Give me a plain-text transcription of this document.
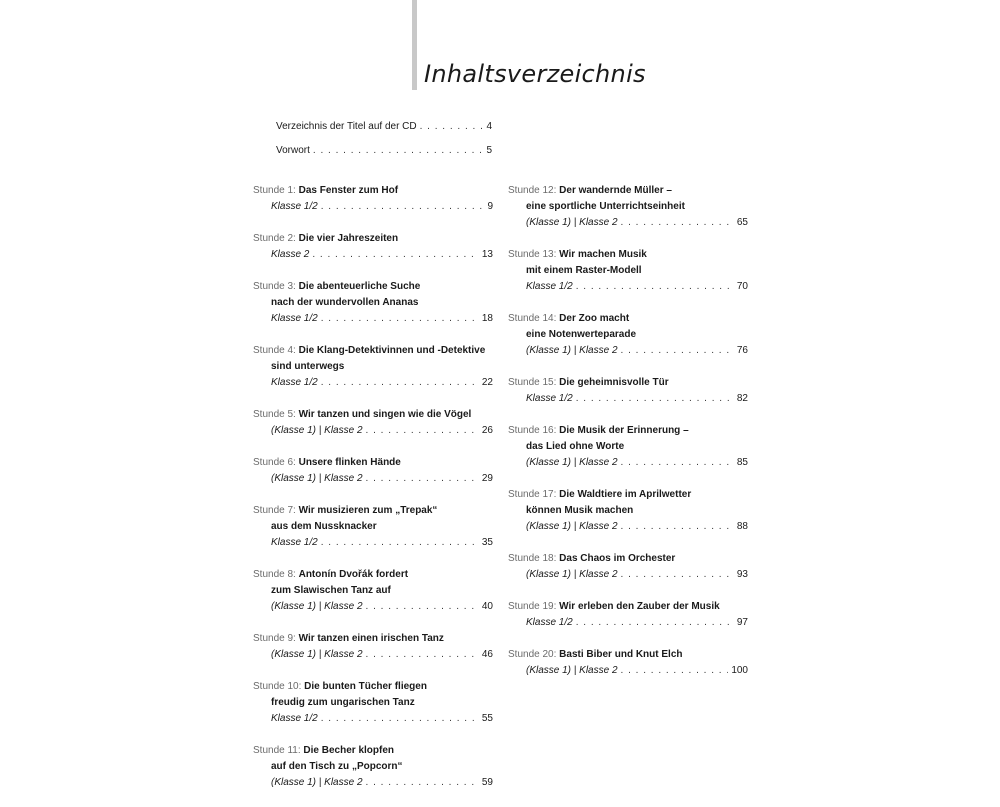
Inhaltsverzeichnis
Verzeichnis der Titel auf der CD . . .	4
Vorwort . . .	5
Stunde 1: Das Fenster zum Hof
Klasse 1/2 . . .	9
Stunde 2: Die vier Jahreszeiten
Klasse 2 . . .	13
Stunde 3: Die abenteuerliche Suche
nach der wundervollen Ananas
Klasse 1/2 . . .	18
Stunde 4: Die Klang-Detektivinnen und -Detektive
sind unterwegs
Klasse 1/2 . . .	22
Stunde 5: Wir tanzen und singen wie die Vögel
(Klasse 1) | Klasse 2 . . .	26
Stunde 6: Unsere flinken Hände
(Klasse 1) | Klasse 2 . . .	29
Stunde 7: Wir musizieren zum „Trepak“
aus dem Nussknacker
Klasse 1/2 . . .	35
Stunde 8: Antonín Dvořák fordert
zum Slawischen Tanz auf
(Klasse 1) | Klasse 2 . . .	40
Stunde 9: Wir tanzen einen irischen Tanz
(Klasse 1) | Klasse 2 . . .	46
Stunde 10: Die bunten Tücher fliegen
freudig zum ungarischen Tanz
Klasse 1/2 . . .	55
Stunde 11: Die Becher klopfen
auf den Tisch zu „Popcorn“
(Klasse 1) | Klasse 2 . . .	59
Stunde 12: Der wandernde Müller –
eine sportliche Unterrichtseinheit
(Klasse 1) | Klasse 2 . . .	65
Stunde 13: Wir machen Musik
mit einem Raster-Modell
Klasse 1/2 . . .	70
Stunde 14: Der Zoo macht
eine Notenwerteparade
(Klasse 1) | Klasse 2 . . .	76
Stunde 15: Die geheimnisvolle Tür
Klasse 1/2 . . .	82
Stunde 16: Die Musik der Erinnerung –
das Lied ohne Worte
(Klasse 1) | Klasse 2 . . .	85
Stunde 17: Die Waldtiere im Aprilwetter
können Musik machen
(Klasse 1) | Klasse 2 . . .	88
Stunde 18: Das Chaos im Orchester
(Klasse 1) | Klasse 2 . . .	93
Stunde 19: Wir erleben den Zauber der Musik
Klasse 1/2 . . .	97
Stunde 20: Basti Biber und Knut Elch
(Klasse 1) | Klasse 2 . . .	100
